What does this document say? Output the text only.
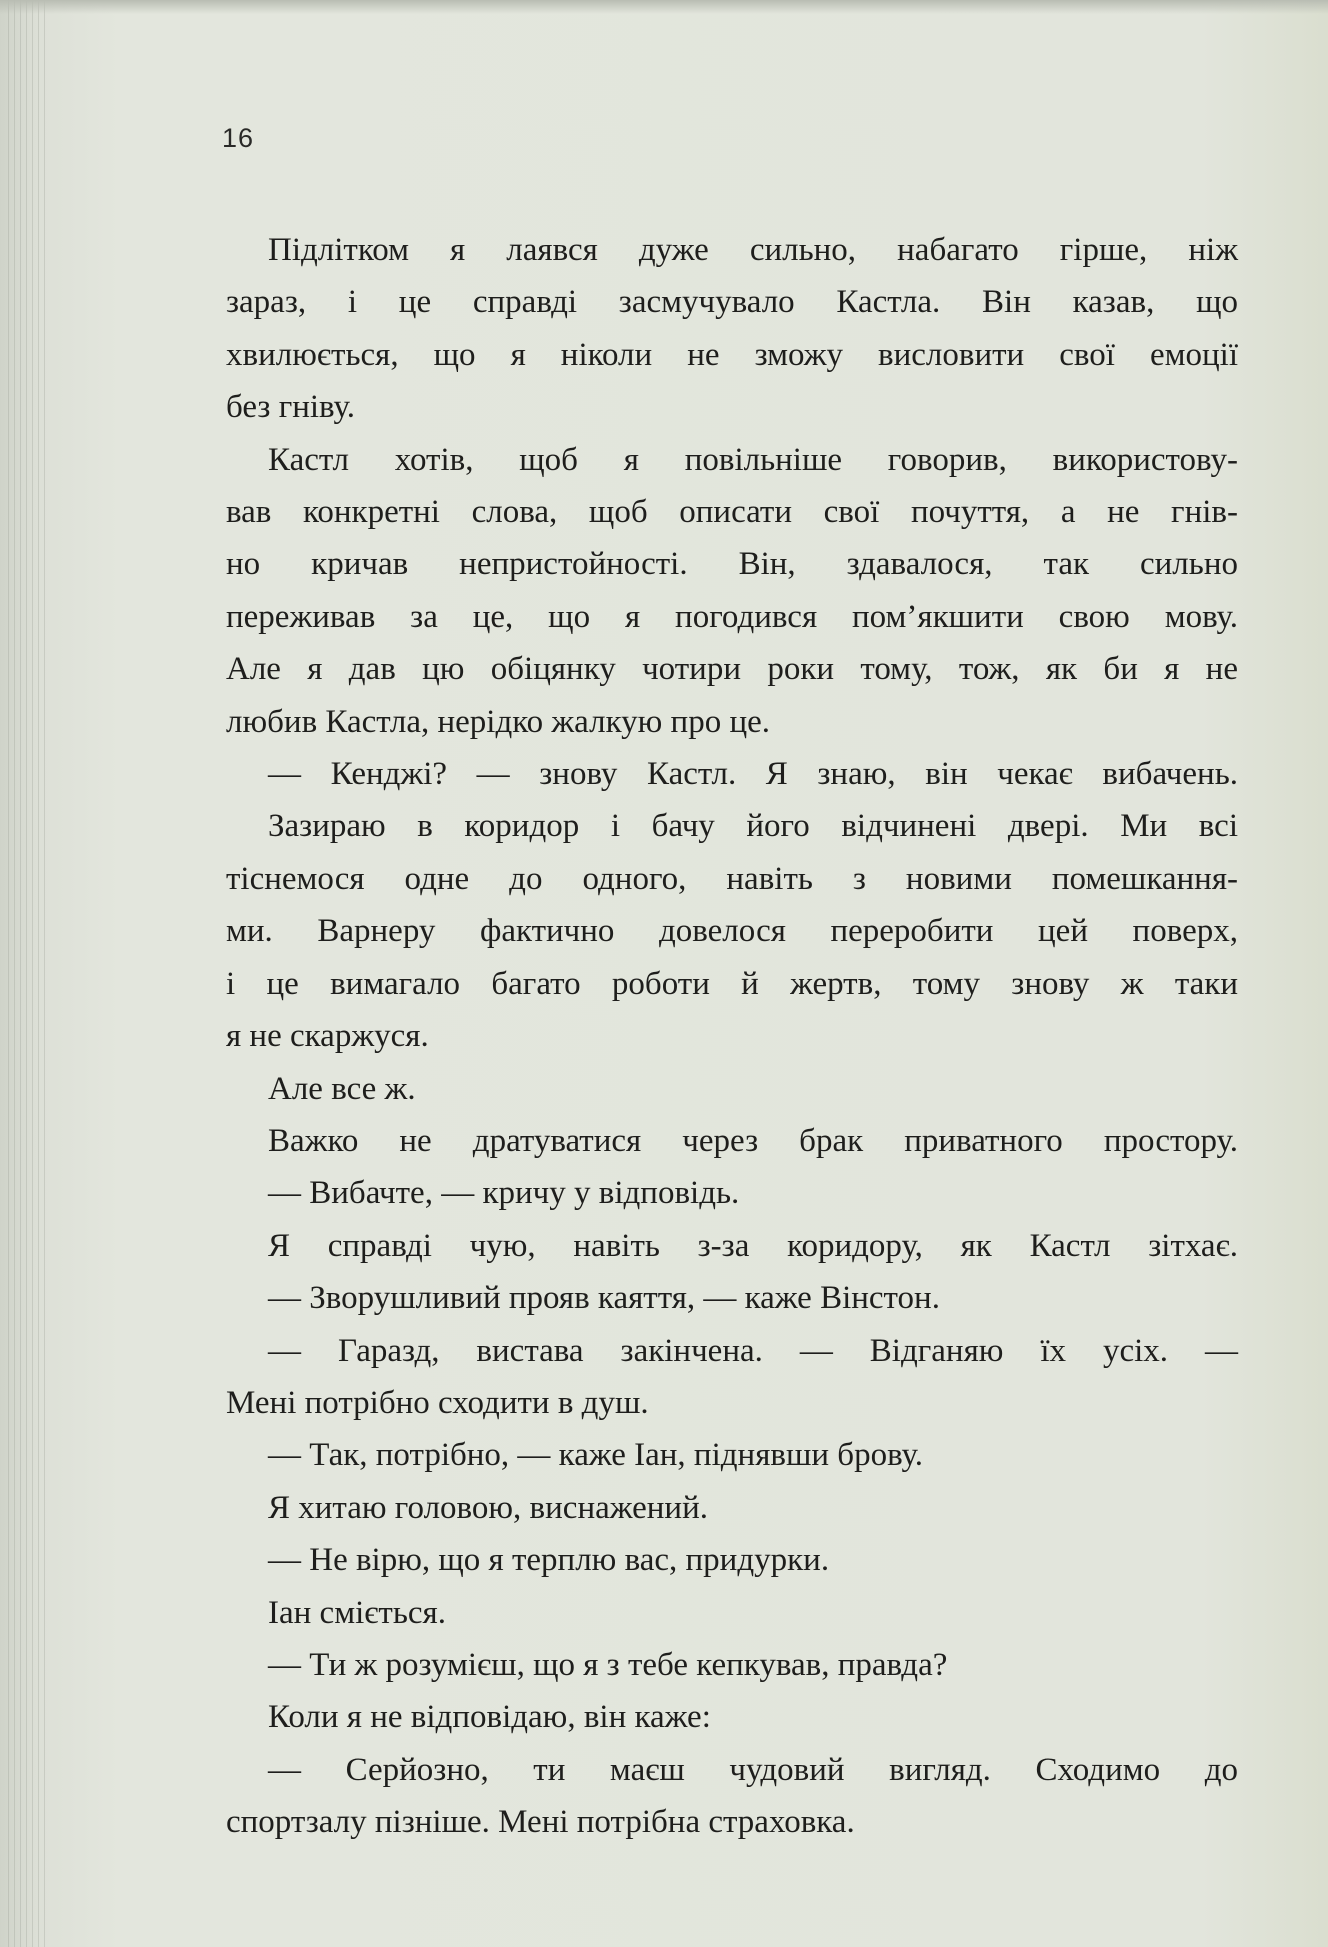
16
Підлітком я лаявся дуже сильно, набагато гірше, ніж
зараз, і це справді засмучувало Кастла. Він казав, що
хвилюється, що я ніколи не зможу висловити свої емоції
без гніву.
Кастл хотів, щоб я повільніше говорив, використову-
вав конкретні слова, щоб описати свої почуття, а не гнів-
но кричав непристойності. Він, здавалося, так сильно
переживав за це, що я погодився пом’якшити свою мову.
Але я дав цю обіцянку чотири роки тому, тож, як би я не
любив Кастла, нерідко жалкую про це.
— Кенджі? — знову Кастл. Я знаю, він чекає вибачень.
Зазираю в коридор і бачу його відчинені двері. Ми всі
тіснемося одне до одного, навіть з новими помешкання-
ми. Варнеру фактично довелося переробити цей поверх,
і це вимагало багато роботи й жертв, тому знову ж таки
я не скаржуся.
Але все ж.
Важко не дратуватися через брак приватного простору.
— Вибачте, — кричу у відповідь.
Я справді чую, навіть з-за коридору, як Кастл зітхає.
— Зворушливий прояв каяття, — каже Вінстон.
— Гаразд, вистава закінчена. — Відганяю їх усіх. —
Мені потрібно сходити в душ.
— Так, потрібно, — каже Іан, піднявши брову.
Я хитаю головою, виснажений.
— Не вірю, що я терплю вас, придурки.
Іан сміється.
— Ти ж розумієш, що я з тебе кепкував, правда?
Коли я не відповідаю, він каже:
— Серйозно, ти маєш чудовий вигляд. Сходимо до
спортзалу пізніше. Мені потрібна страховка.
